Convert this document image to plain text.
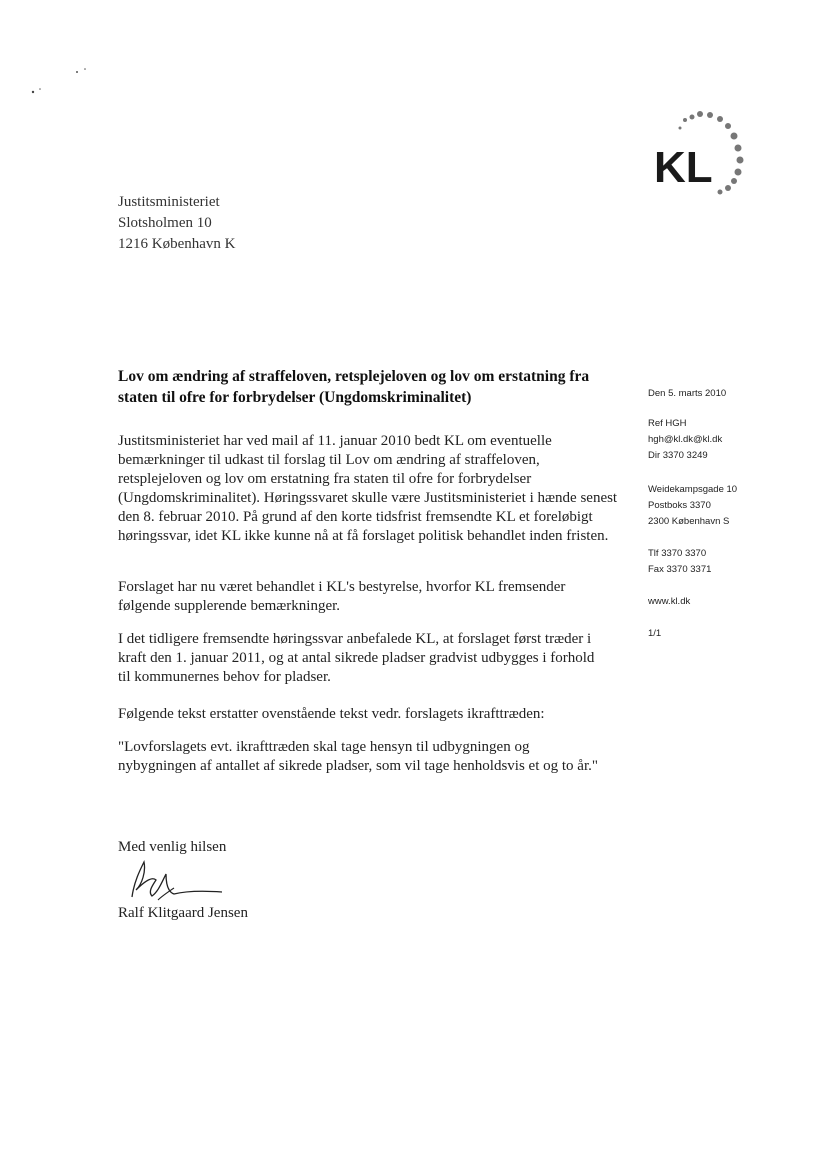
KL
Justitsministeriet
Slotsholmen 10
1216 København K
Lov om ændring af straffeloven, retsplejeloven og lov om erstatning fra staten til ofre for forbrydelser (Ungdomskriminalitet)

Justitsministeriet har ved mail af 11. januar 2010 bedt KL om eventuelle bemærkninger til udkast til forslag til Lov om ændring af straffeloven, retsplejeloven og lov om erstatning fra staten til ofre for forbrydelser (Ungdomskriminalitet). Høringssvaret skulle være Justitsministeriet i hænde senest den 8. februar 2010. På grund af den korte tidsfrist fremsendte KL et foreløbigt høringssvar, idet KL ikke kunne nå at få forslaget politisk behandlet inden fristen.

Forslaget har nu været behandlet i KL's bestyrelse, hvorfor KL fremsender følgende supplerende bemærkninger.

I det tidligere fremsendte høringssvar anbefalede KL, at forslaget først træder i kraft den 1. januar 2011, og at antal sikrede pladser gradvist udbygges i forhold til kommunernes behov for pladser.

Følgende tekst erstatter ovenstående tekst vedr. forslagets ikrafttræden:

"Lovforslagets evt. ikrafttræden skal tage hensyn til udbygningen og nybygningen af antallet af sikrede pladser, som vil tage henholdsvis et og to år."

Med venlig hilsen
Ralf Klitgaard Jensen
Den 5. marts 2010
Ref HGH
hgh@kl.dk@kl.dk
Dir 3370 3249
Weidekampsgade 10
Postboks 3370
2300 København S
Tlf 3370 3370
Fax 3370 3371
www.kl.dk
1/1
